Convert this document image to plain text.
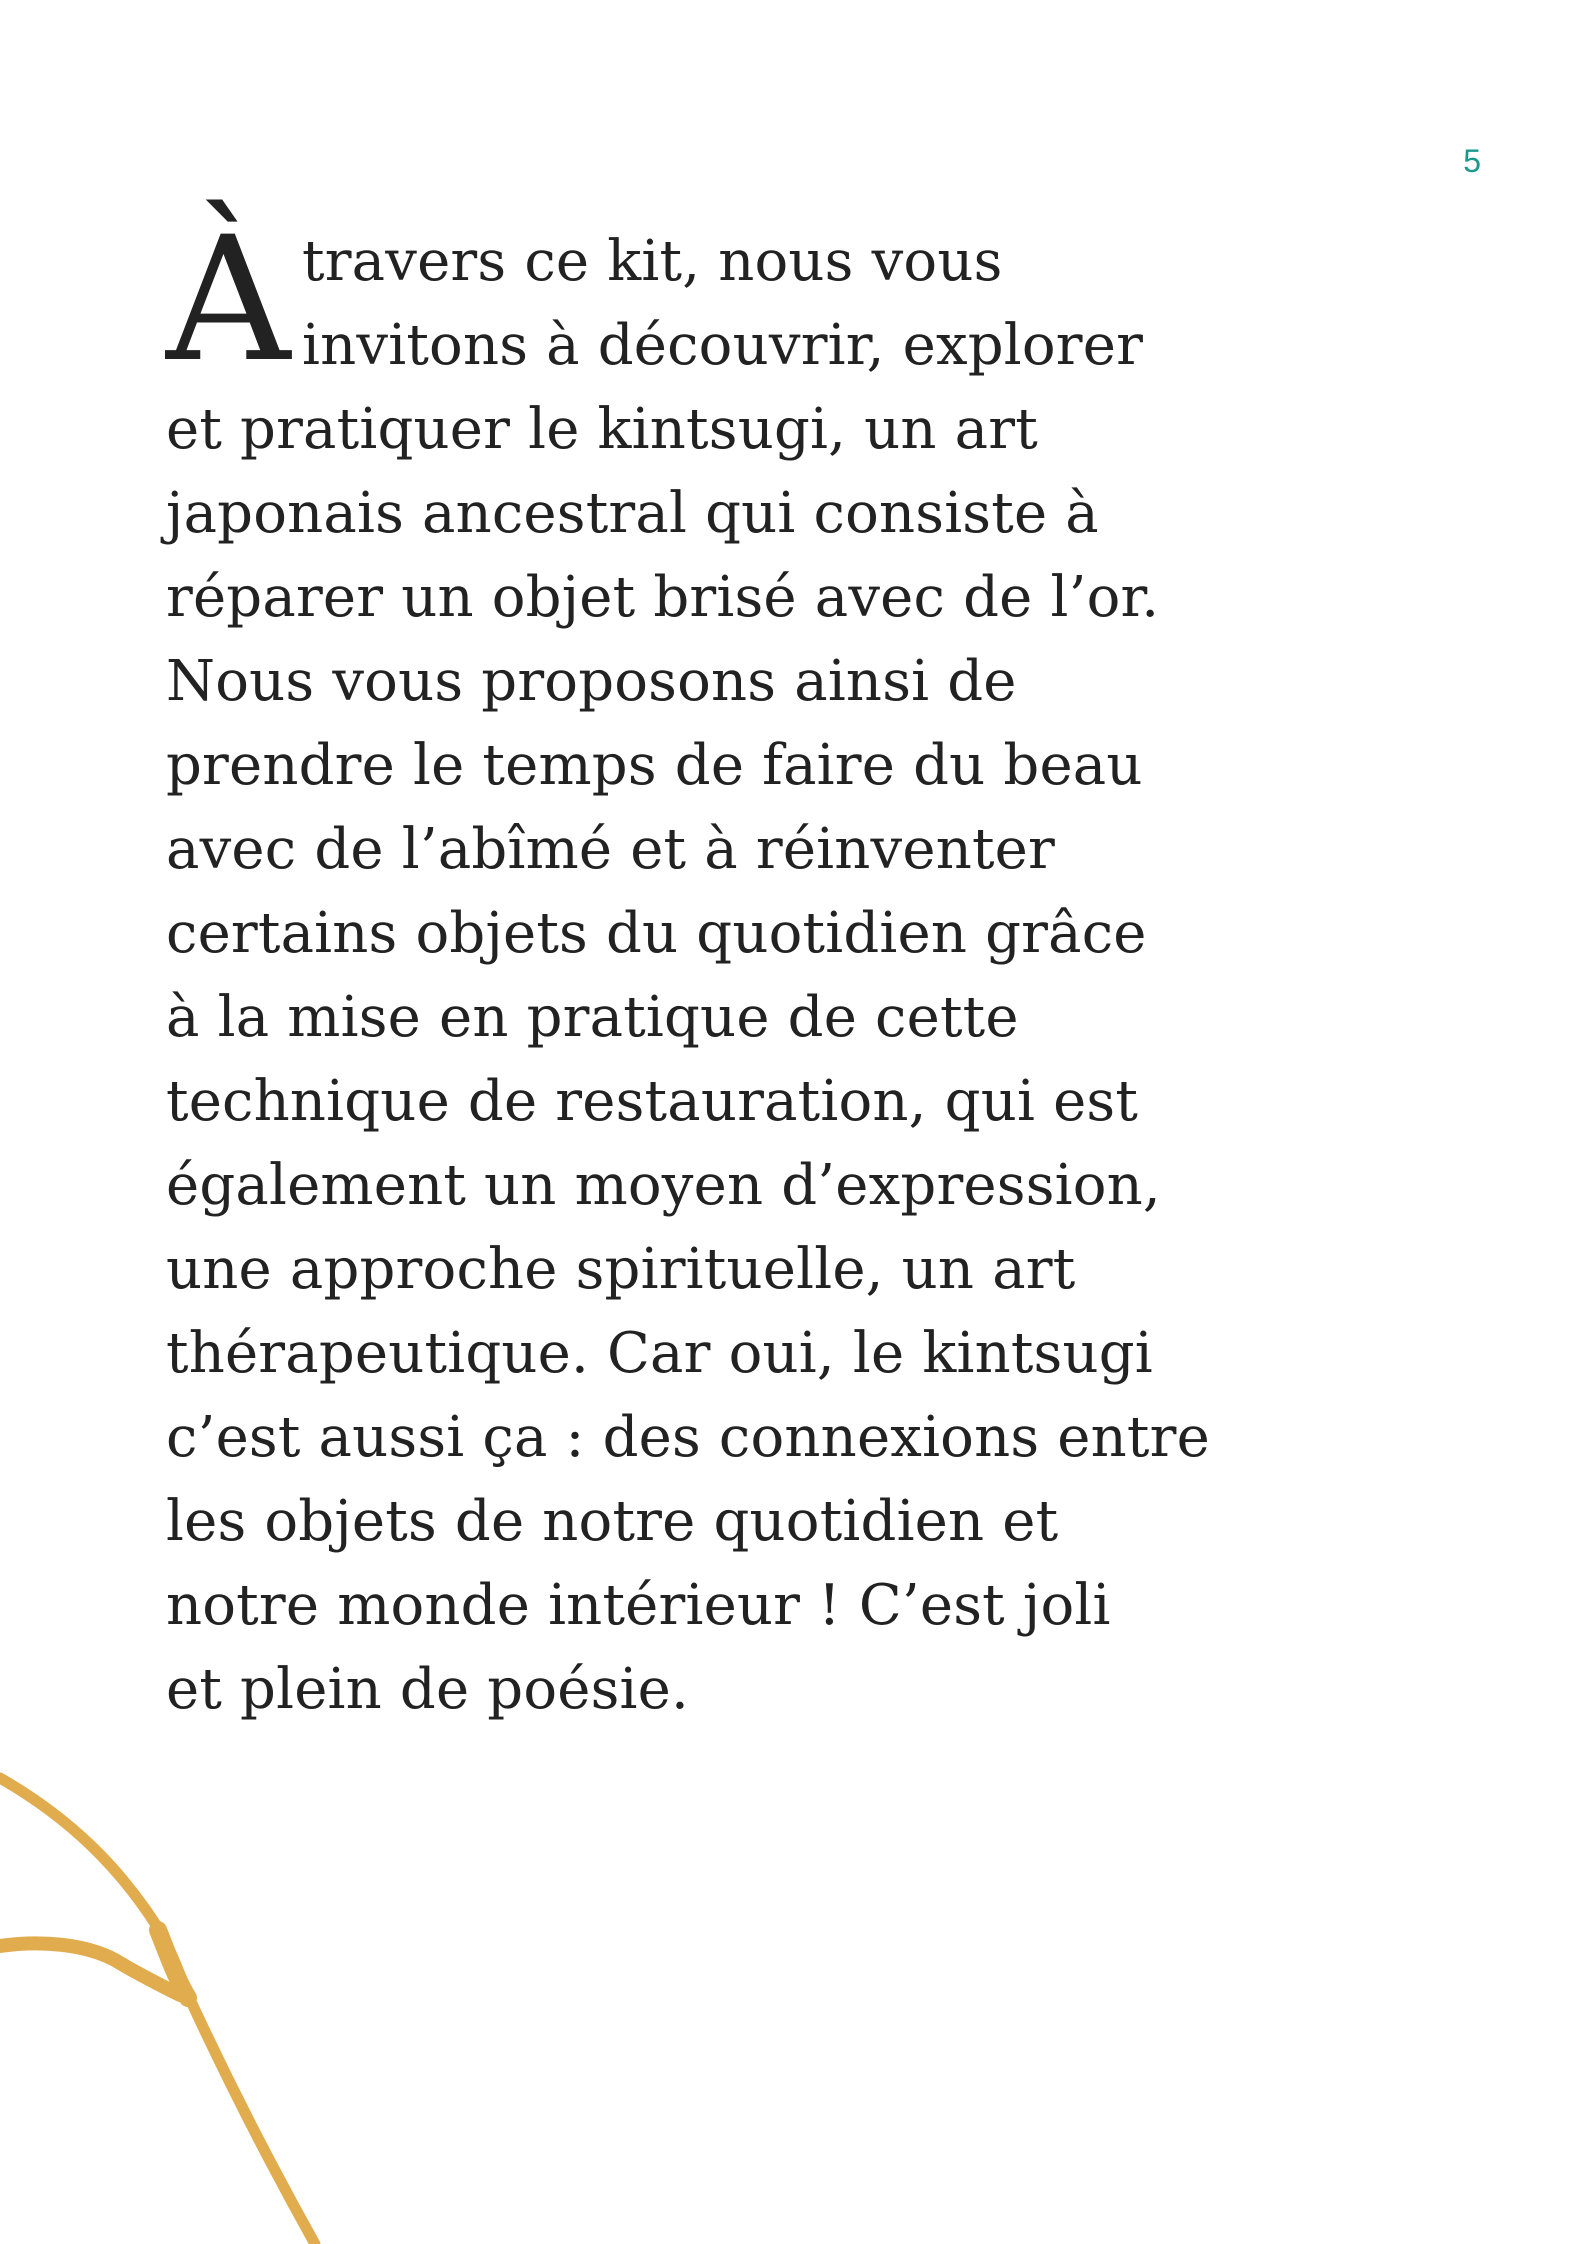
5
À travers ce kit, nous vous
invitons à découvrir, explorer
et pratiquer le kintsugi, un art
japonais ancestral qui consiste à
réparer un objet brisé avec de l’or.
Nous vous proposons ainsi de
prendre le temps de faire du beau
avec de l’abîmé et à réinventer
certains objets du quotidien grâce
à la mise en pratique de cette
technique de restauration, qui est
également un moyen d’expression,
une approche spirituelle, un art
thérapeutique. Car oui, le kintsugi
c’est aussi ça : des connexions entre
les objets de notre quotidien et
notre monde intérieur ! C’est joli
et plein de poésie.
